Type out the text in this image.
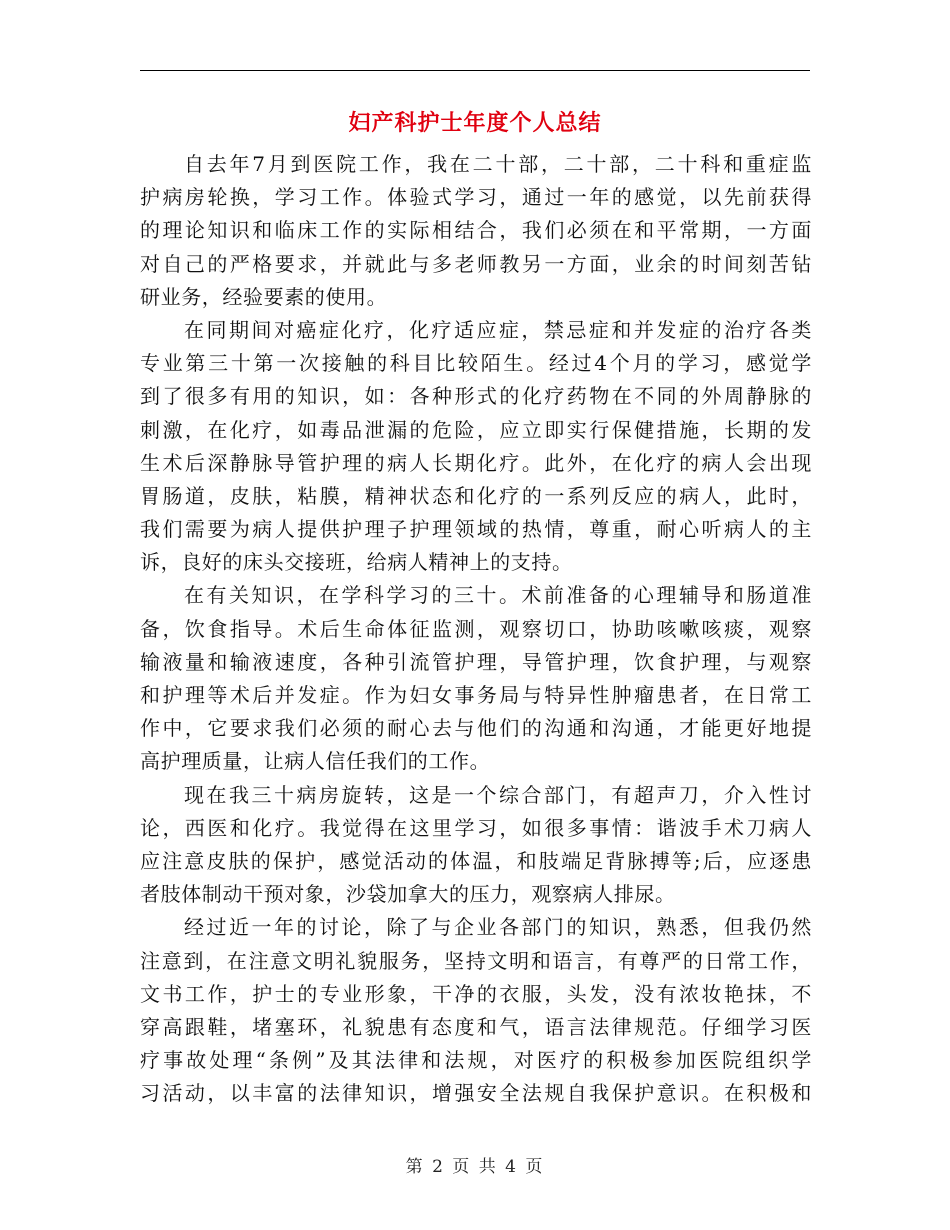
妇产科护士年度个人总结
自去年7月到医院工作，我在二十部，二十部，二十科和重症监
护病房轮换，学习工作。体验式学习，通过一年的感觉，以先前获得
的理论知识和临床工作的实际相结合，我们必须在和平常期，一方面
对自己的严格要求，并就此与多老师教另一方面，业余的时间刻苦钻
研业务，经验要素的使用。
在同期间对癌症化疗，化疗适应症，禁忌症和并发症的治疗各类
专业第三十第一次接触的科目比较陌生。经过4个月的学习，感觉学
到了很多有用的知识，如：各种形式的化疗药物在不同的外周静脉的
刺激，在化疗，如毒品泄漏的危险，应立即实行保健措施，长期的发
生术后深静脉导管护理的病人长期化疗。此外，在化疗的病人会出现
胃肠道，皮肤，粘膜，精神状态和化疗的一系列反应的病人，此时，
我们需要为病人提供护理子护理领域的热情，尊重，耐心听病人的主
诉，良好的床头交接班，给病人精神上的支持。
在有关知识，在学科学习的三十。术前准备的心理辅导和肠道准
备，饮食指导。术后生命体征监测，观察切口，协助咳嗽咳痰，观察
输液量和输液速度，各种引流管护理，导管护理，饮食护理，与观察
和护理等术后并发症。作为妇女事务局与特异性肿瘤患者，在日常工
作中，它要求我们必须的耐心去与他们的沟通和沟通，才能更好地提
高护理质量，让病人信任我们的工作。
现在我三十病房旋转，这是一个综合部门，有超声刀，介入性讨
论，西医和化疗。我觉得在这里学习，如很多事情：谐波手术刀病人
应注意皮肤的保护，感觉活动的体温，和肢端足背脉搏等;后，应逐患
者肢体制动干预对象，沙袋加拿大的压力，观察病人排尿。
经过近一年的讨论，除了与企业各部门的知识，熟悉，但我仍然
注意到，在注意文明礼貌服务，坚持文明和语言，有尊严的日常工作，
文书工作，护士的专业形象，干净的衣服，头发，没有浓妆艳抹，不
穿高跟鞋，堵塞环，礼貌患有态度和气，语言法律规范。仔细学习医
疗事故处理“条例”及其法律和法规，对医疗的积极参加医院组织学
习活动，以丰富的法律知识，增强安全法规自我保护意识。在积极和
第 2 页 共 4 页
